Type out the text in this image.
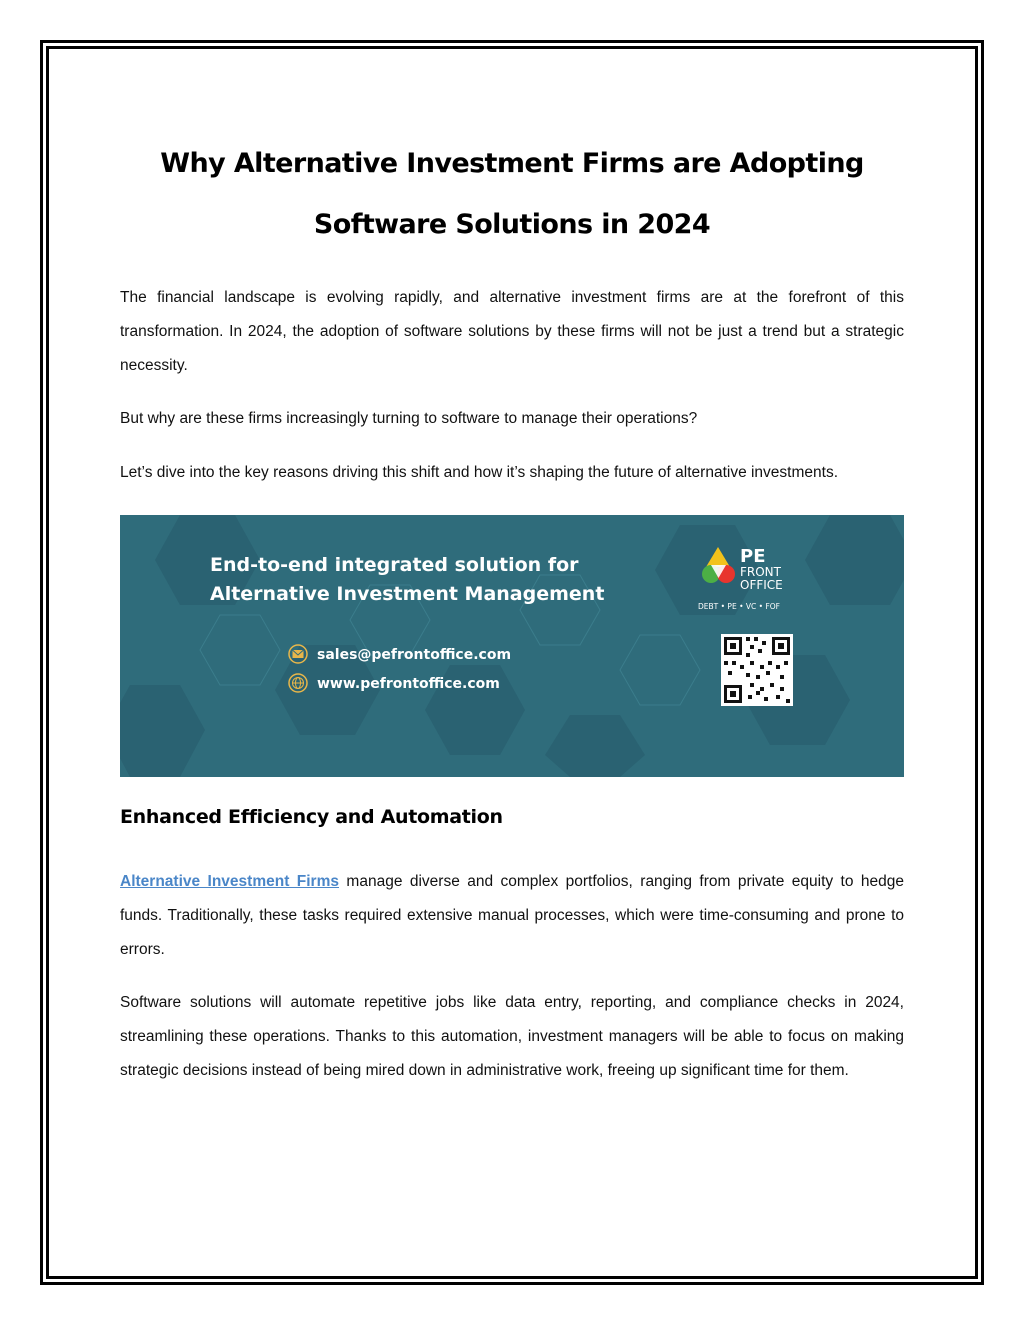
Why Alternative Investment Firms are Adopting
Software Solutions in 2024

The financial landscape is evolving rapidly, and alternative investment firms are at the forefront of this transformation. In 2024, the adoption of software solutions by these firms will not be just a trend but a strategic necessity.

But why are these firms increasingly turning to software to manage their operations?

Let’s dive into the key reasons driving this shift and how it’s shaping the future of alternative investments.

End-to-end integrated solution for
Alternative Investment Management
sales@pefrontoffice.com
www.pefrontoffice.com
PE
FRONT
OFFICE
DEBT • PE • VC • FOF
Enhanced Efficiency and Automation

Alternative Investment Firms manage diverse and complex portfolios, ranging from private equity to hedge funds. Traditionally, these tasks required extensive manual processes, which were time-consuming and prone to errors.

Software solutions will automate repetitive jobs like data entry, reporting, and compliance checks in 2024, streamlining these operations. Thanks to this automation, investment managers will be able to focus on making strategic decisions instead of being mired down in administrative work, freeing up significant time for them.
